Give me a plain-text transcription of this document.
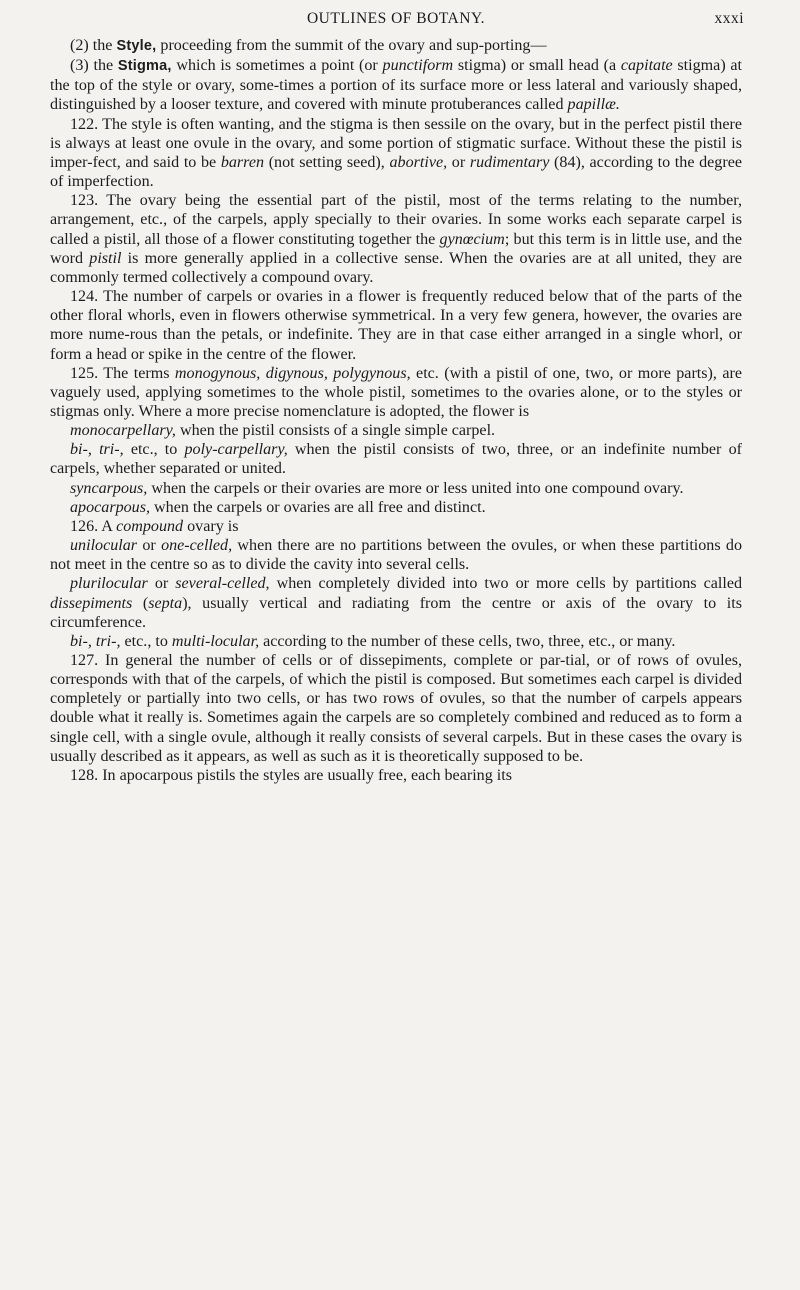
OUTLINES OF BOTANY.	xxxi

(2) the Style, proceeding from the summit of the ovary and sup-porting—

(3) the Stigma, which is sometimes a point (or punctiform stigma) or small head (a capitate stigma) at the top of the style or ovary, some-times a portion of its surface more or less lateral and variously shaped, distinguished by a looser texture, and covered with minute protuberances called papillæ.

122. The style is often wanting, and the stigma is then sessile on the ovary, but in the perfect pistil there is always at least one ovule in the ovary, and some portion of stigmatic surface. Without these the pistil is imper-fect, and said to be barren (not setting seed), abortive, or rudimentary (84), according to the degree of imperfection.

123. The ovary being the essential part of the pistil, most of the terms relating to the number, arrangement, etc., of the carpels, apply specially to their ovaries. In some works each separate carpel is called a pistil, all those of a flower constituting together the gynœcium; but this term is in little use, and the word pistil is more generally applied in a collective sense. When the ovaries are at all united, they are commonly termed collectively a compound ovary.

124. The number of carpels or ovaries in a flower is frequently reduced below that of the parts of the other floral whorls, even in flowers otherwise symmetrical. In a very few genera, however, the ovaries are more nume-rous than the petals, or indefinite. They are in that case either arranged in a single whorl, or form a head or spike in the centre of the flower.

125. The terms monogynous, digynous, polygynous, etc. (with a pistil of one, two, or more parts), are vaguely used, applying sometimes to the whole pistil, sometimes to the ovaries alone, or to the styles or stigmas only. Where a more precise nomenclature is adopted, the flower is

monocarpellary, when the pistil consists of a single simple carpel.

bi-, tri-, etc., to poly-carpellary, when the pistil consists of two, three, or an indefinite number of carpels, whether separated or united.

syncarpous, when the carpels or their ovaries are more or less united into one compound ovary.

apocarpous, when the carpels or ovaries are all free and distinct.

126. A compound ovary is

unilocular or one-celled, when there are no partitions between the ovules, or when these partitions do not meet in the centre so as to divide the cavity into several cells.

plurilocular or several-celled, when completely divided into two or more cells by partitions called dissepiments (septa), usually vertical and radiating from the centre or axis of the ovary to its circumference.

bi-, tri-, etc., to multi-locular, according to the number of these cells, two, three, etc., or many.

127. In general the number of cells or of dissepiments, complete or par-tial, or of rows of ovules, corresponds with that of the carpels, of which the pistil is composed. But sometimes each carpel is divided completely or partially into two cells, or has two rows of ovules, so that the number of carpels appears double what it really is. Sometimes again the carpels are so completely combined and reduced as to form a single cell, with a single ovule, although it really consists of several carpels. But in these cases the ovary is usually described as it appears, as well as such as it is theoretically supposed to be.

128. In apocarpous pistils the styles are usually free, each bearing its
